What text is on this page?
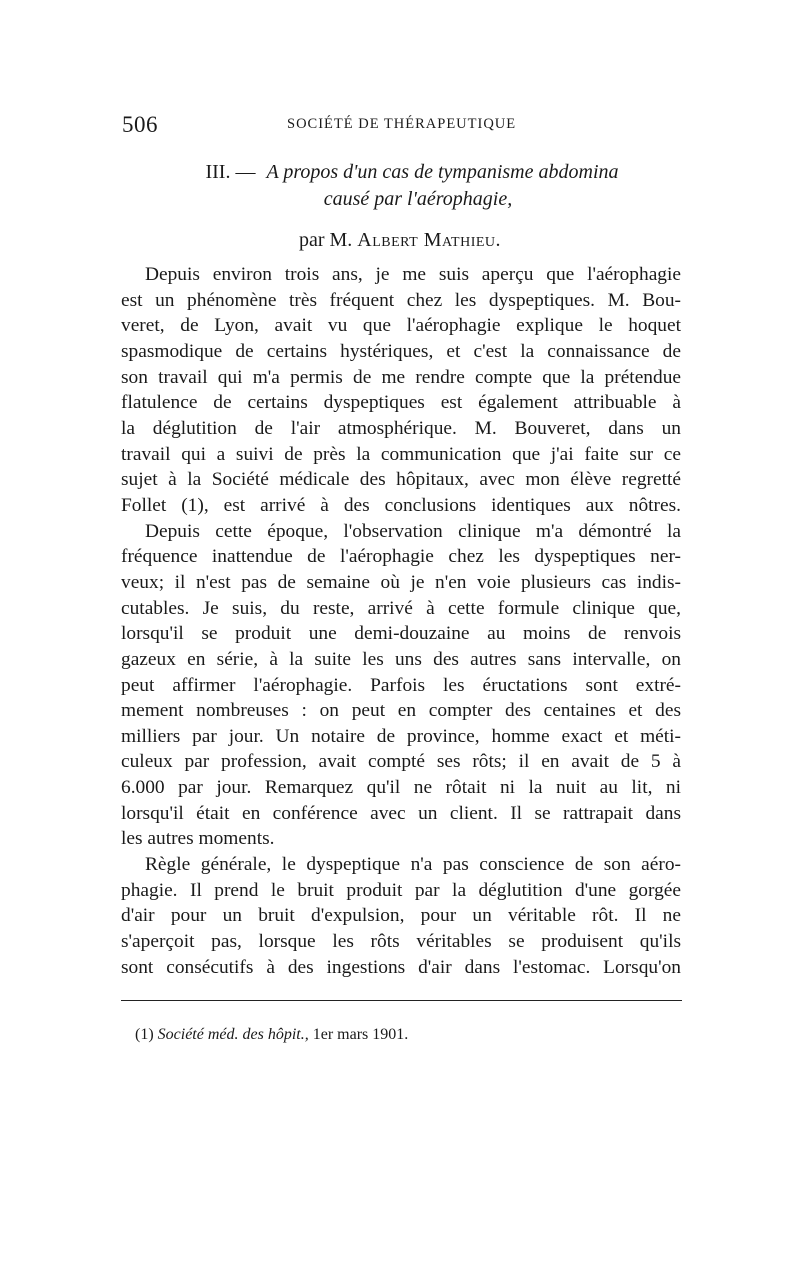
506	SOCIÉTÉ DE THÉRAPEUTIQUE
III. — A propos d'un cas de tympanisme abdomina
causé par l'aérophagie,
par M. Albert Mathieu.
Depuis environ trois ans, je me suis aperçu que l'aérophagie
est un phénomène très fréquent chez les dyspeptiques. M. Bou-
veret, de Lyon, avait vu que l'aérophagie explique le hoquet
spasmodique de certains hystériques, et c'est la connaissance de
son travail qui m'a permis de me rendre compte que la prétendue
flatulence de certains dyspeptiques est également attribuable à
la déglutition de l'air atmosphérique. M. Bouveret, dans un
travail qui a suivi de près la communication que j'ai faite sur ce
sujet à la Société médicale des hôpitaux, avec mon élève regretté
Follet (1), est arrivé à des conclusions identiques aux nôtres.
Depuis cette époque, l'observation clinique m'a démontré la
fréquence inattendue de l'aérophagie chez les dyspeptiques ner-
veux; il n'est pas de semaine où je n'en voie plusieurs cas indis-
cutables. Je suis, du reste, arrivé à cette formule clinique que,
lorsqu'il se produit une demi-douzaine au moins de renvois
gazeux en série, à la suite les uns des autres sans intervalle, on
peut affirmer l'aérophagie. Parfois les éructations sont extré-
mement nombreuses : on peut en compter des centaines et des
milliers par jour. Un notaire de province, homme exact et méti-
culeux par profession, avait compté ses rôts; il en avait de 5 à
6.000 par jour. Remarquez qu'il ne rôtait ni la nuit au lit, ni
lorsqu'il était en conférence avec un client. Il se rattrapait dans
les autres moments.
Règle générale, le dyspeptique n'a pas conscience de son aéro-
phagie. Il prend le bruit produit par la déglutition d'une gorgée
d'air pour un bruit d'expulsion, pour un véritable rôt. Il ne
s'aperçoit pas, lorsque les rôts véritables se produisent qu'ils
sont consécutifs à des ingestions d'air dans l'estomac. Lorsqu'on
(1) Société méd. des hôpit., 1er mars 1901.
